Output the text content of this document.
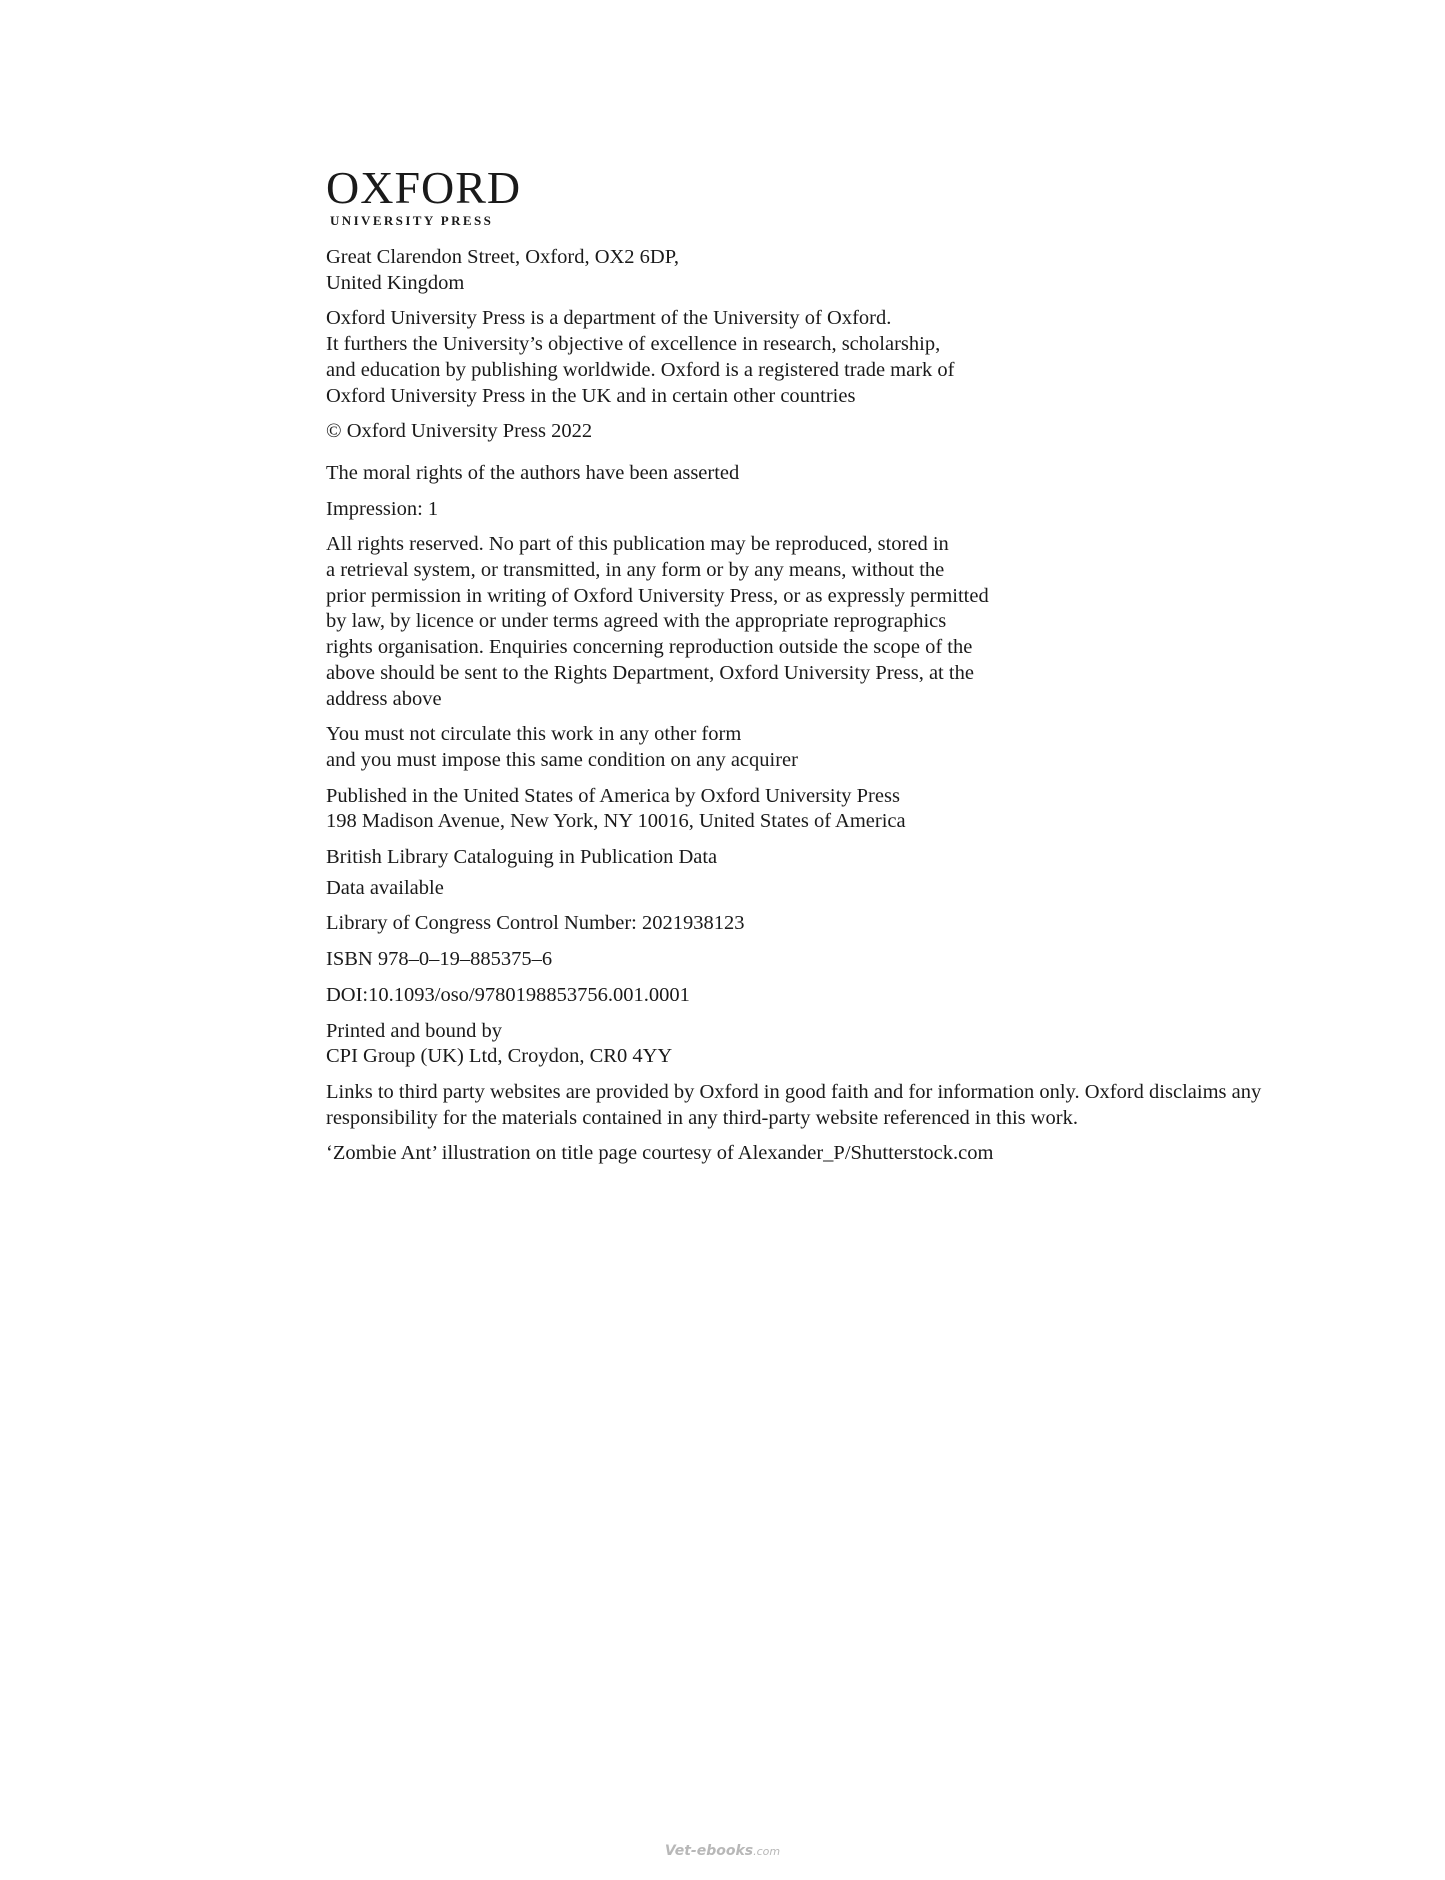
OXFORD
UNIVERSITY PRESS
Great Clarendon Street, Oxford, OX2 6DP,
United Kingdom
Oxford University Press is a department of the University of Oxford.
It furthers the University’s objective of excellence in research, scholarship,
and education by publishing worldwide. Oxford is a registered trade mark of
Oxford University Press in the UK and in certain other countries
© Oxford University Press 2022
The moral rights of the authors have been asserted
Impression: 1
All rights reserved. No part of this publication may be reproduced, stored in
a retrieval system, or transmitted, in any form or by any means, without the
prior permission in writing of Oxford University Press, or as expressly permitted
by law, by licence or under terms agreed with the appropriate reprographics
rights organisation. Enquiries concerning reproduction outside the scope of the
above should be sent to the Rights Department, Oxford University Press, at the
address above
You must not circulate this work in any other form
and you must impose this same condition on any acquirer
Published in the United States of America by Oxford University Press
198 Madison Avenue, New York, NY 10016, United States of America
British Library Cataloguing in Publication Data
Data available
Library of Congress Control Number: 2021938123
ISBN 978–0–19–885375–6
DOI:10.1093/oso/9780198853756.001.0001
Printed and bound by
CPI Group (UK) Ltd, Croydon, CR0 4YY
Links to third party websites are provided by Oxford in good faith and for information only. Oxford disclaims any responsibility for the materials contained in any third-party website referenced in this work.
‘Zombie Ant’ illustration on title page courtesy of Alexander_P/Shutterstock.com
Vet-ebooks.com
